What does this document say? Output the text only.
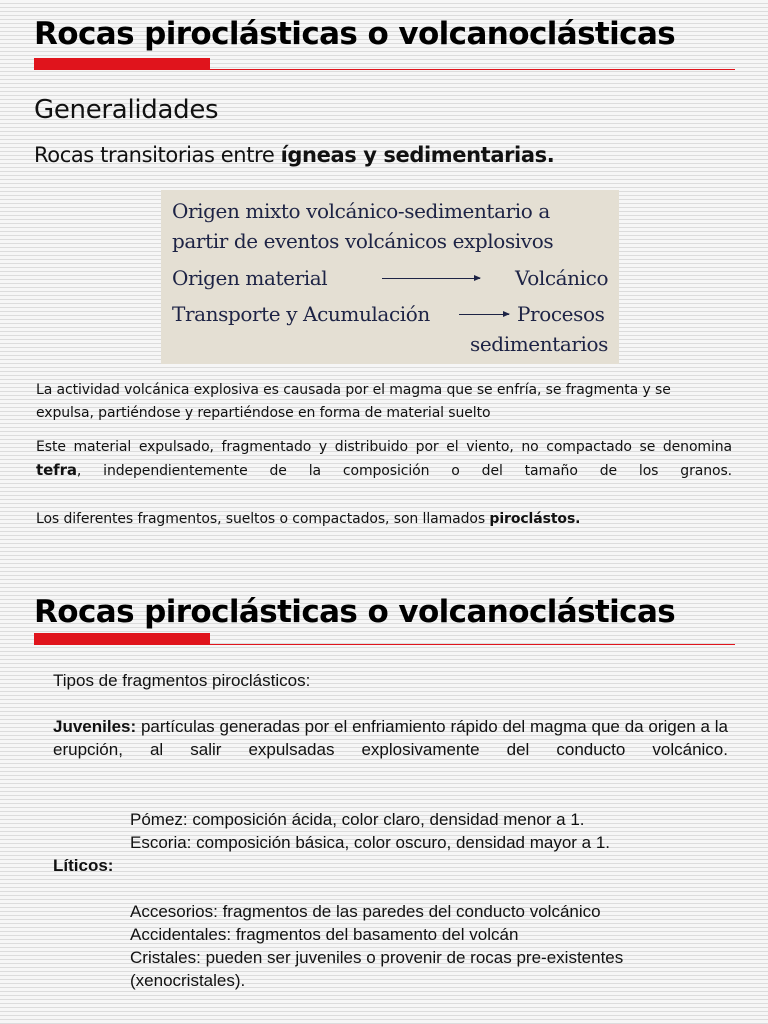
Rocas piroclásticas o volcanoclásticas
Generalidades
Rocas transitorias entre ígneas y sedimentarias.
Origen mixto volcánico-sedimentario a
partir de eventos volcánicos explosivos
Origen material	Volcánico
Transporte y Acumulación	Procesos
sedimentarios
La actividad volcánica explosiva es causada por el magma que se enfría, se fragmenta y se expulsa, partiéndose y repartiéndose en forma de material suelto
Este material expulsado, fragmentado y distribuido por el viento, no compactado se denomina tefra, independientemente de la composición o del tamaño de los granos.
Los diferentes fragmentos, sueltos o compactados, son llamados piroclástos.
Rocas piroclásticas o volcanoclásticas
Tipos de fragmentos piroclásticos:
Juveniles: partículas generadas por el enfriamiento rápido del magma que da origen a la erupción, al salir expulsadas explosivamente del conducto volcánico.
Pómez: composición ácida, color claro, densidad menor a 1.
Escoria: composición básica, color oscuro, densidad mayor a 1.
Líticos:
Accesorios: fragmentos de las paredes del conducto volcánico
Accidentales: fragmentos del basamento del volcán
Cristales: pueden ser juveniles o provenir de rocas pre-existentes
(xenocristales).
